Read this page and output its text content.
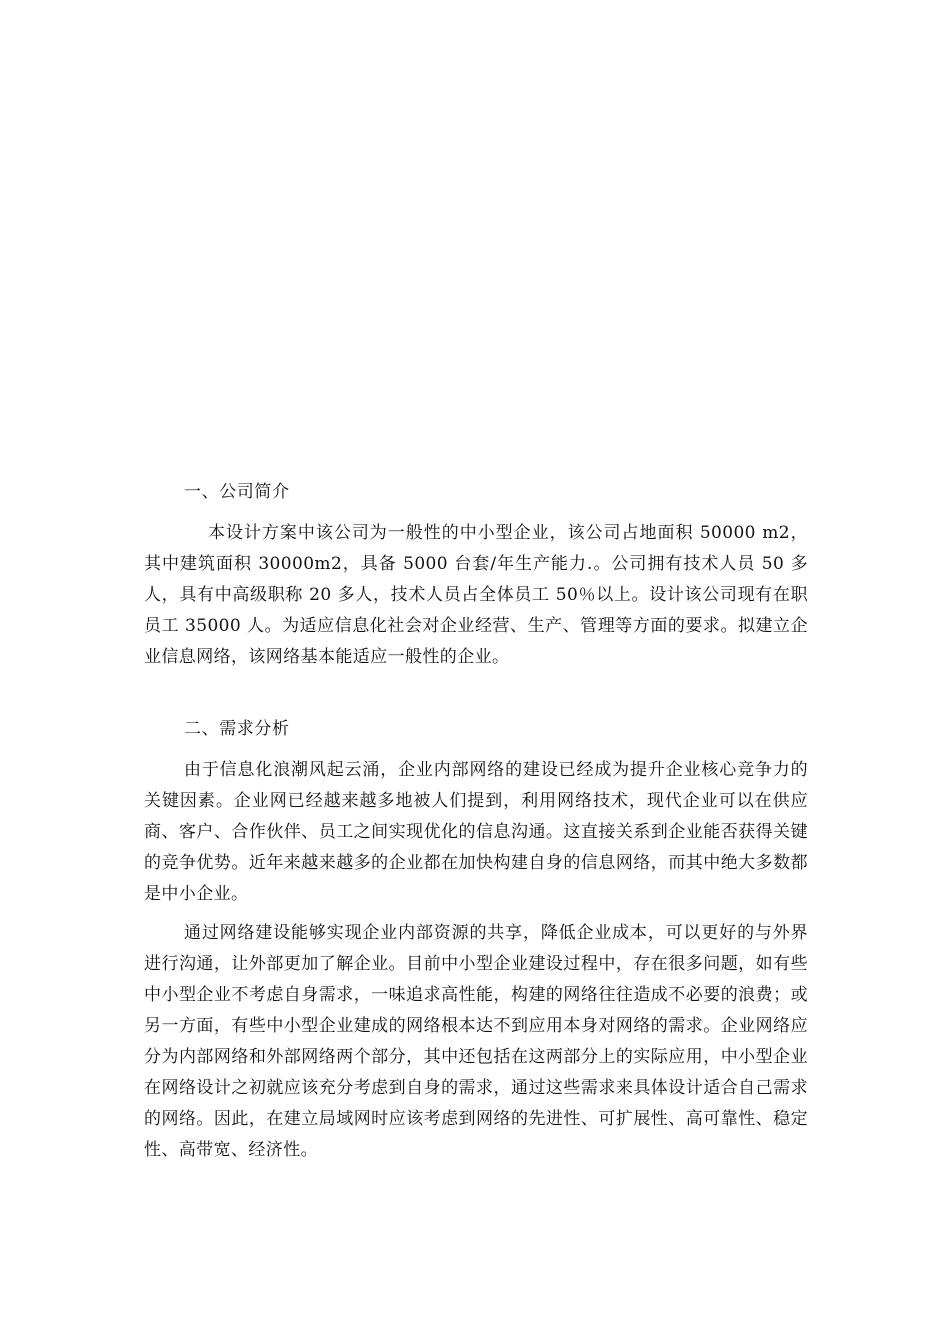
一、公司简介

本设计方案中该公司为一般性的中小型企业，该公司占地面积 50000 m2，其中建筑面积 30000m2，具备 5000 台套/年生产能力.。公司拥有技术人员 50 多人，具有中高级职称 20 多人，技术人员占全体员工 50％以上。设计该公司现有在职员工 35000 人。为适应信息化社会对企业经营、生产、管理等方面的要求。拟建立企业信息网络，该网络基本能适应一般性的企业。

二、需求分析

由于信息化浪潮风起云涌，企业内部网络的建设已经成为提升企业核心竞争力的关键因素。企业网已经越来越多地被人们提到，利用网络技术，现代企业可以在供应商、客户、合作伙伴、员工之间实现优化的信息沟通。这直接关系到企业能否获得关键的竞争优势。近年来越来越多的企业都在加快构建自身的信息网络，而其中绝大多数都是中小企业。

通过网络建设能够实现企业内部资源的共享，降低企业成本，可以更好的与外界进行沟通，让外部更加了解企业。目前中小型企业建设过程中，存在很多问题，如有些中小型企业不考虑自身需求，一味追求高性能，构建的网络往往造成不必要的浪费；或另一方面，有些中小型企业建成的网络根本达不到应用本身对网络的需求。企业网络应分为内部网络和外部网络两个部分，其中还包括在这两部分上的实际应用，中小型企业在网络设计之初就应该充分考虑到自身的需求，通过这些需求来具体设计适合自己需求的网络。因此，在建立局域网时应该考虑到网络的先进性、可扩展性、高可靠性、稳定性、高带宽、经济性。
